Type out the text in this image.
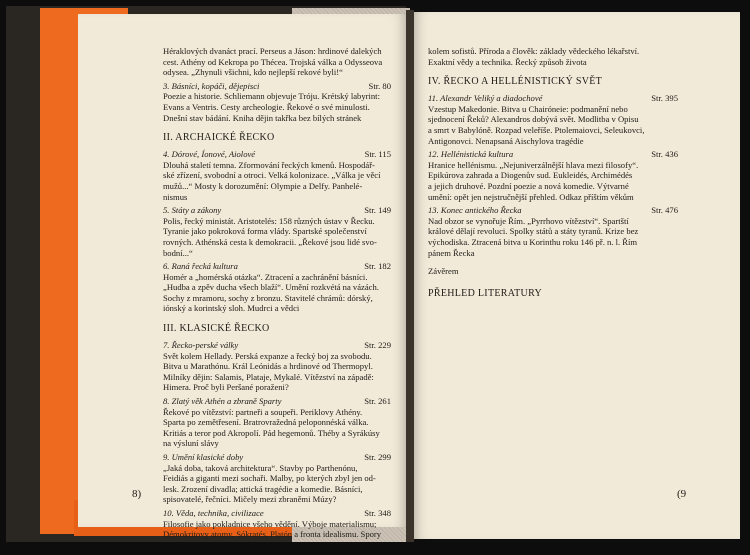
Héraklových dvanáct prací. Perseus a Jáson: hrdinové dalekých
cest. Athény od Kekropa po Théсea. Trojská válka a Odysseova
odysea. „Zhynuli všichni, kdo nejlepší rekové byli!“
3. Básníci, kopáči, dějepisci	Str. 80
Poezie a historie. Schliemann objevuje Tróju. Krétský labyrint:
Evans a Ventris. Cesty archeologie. Řekové o své minulosti.
Dnešní stav bádání. Kniha dějin takřka bez bílých stránek
II. ARCHAICKÉ ŘECKO
4. Dórové, Íonové, Aiolové	Str. 115
Dlouhá staletí temna. Zformování řeckých kmenů. Hospodář-
ské zřízení, svobodní a otroci. Velká kolonizace. „Válka je věcí
mužů...“ Mosty k dorozumění: Olympie a Delfy. Panhelé-
nismus
5. Státy a zákony	Str. 149
Polis, řecký ministát. Aristotelés: 158 různých ústav v Řecku.
Tyranie jako pokroková forma vlády. Spartské společenství
rovných. Athénská cesta k demokracii. „Řekové jsou lidé svo-
bodní...“
6. Raná řecká kultura	Str. 182
Homér a „homérská otázka“. Ztracení a zachránění básníci.
„Hudba a zpěv ducha všech blaží“. Umění rozkvétá na vázách.
Sochy z mramoru, sochy z bronzu. Stavitelé chrámů: dórský,
iónský a korintský sloh. Mudrci a vědci
III. KLASICKÉ ŘECKO
7. Řecko-perské války	Str. 229
Svět kolem Hellady. Perská expanze a řecký boj za svobodu.
Bitva u Marathónu. Král Leónidás a hrdinové od Thermopyl.
Milníky dějin: Salamis, Plataje, Mykalé. Vítězství na západě:
Himera. Proč byli Peršané poraženi?
8. Zlatý věk Athén a zbraně Sparty	Str. 261
Řekové po vítězství: partneři a soupeři. Periklovy Athény.
Sparta po zemětřesení. Bratrovražedná peloponnéská válka.
Kritiás a teror pod Akropolí. Pád hegemonů. Théby a Syrákúsy
na výsluní slávy
9. Umění klasické doby	Str. 299
„Jaká doba, taková architektura“. Stavby po Parthenónu,
Feidiás a giganti mezi sochaři. Malby, po kterých zbyl jen od-
lesk. Zrození divadla; attická tragédie a komedie. Básníci,
spisovatelé, řečníci. Mičely mezi zbraněmi Múzy?
10. Věda, technika, civilizace	Str. 348
Filosofie jako pokladnice všeho vědění. Výboje materialismu;
Démokritovy atomy. Sókratés, Platón a fronta idealismu. Spory
kolem sofistů. Příroda a člověk: základy vědeckého lékařství.
Exaktní vědy a technika. Řecký způsob života
IV. ŘECKO A HELLÉNISTICKÝ SVĚT
11. Alexandr Veliký a diadochové	Str. 395
Vzestup Makedonie. Bitva u Chairóneie: podmanění nebo
sjednocení Řeků? Alexandros dobývá svět. Modlitba v Opisu
a smrt v Babylóně. Rozpad velеříše. Ptolemaiovci, Seleukovci,
Antigonovci. Nenapsaná Aischylova tragédie
12. Hellénistická kultura	Str. 436
Hranice hellénismu. „Nejuniverzálnější hlava mezi filosofy“.
Epikúrova zahrada a Diogenův sud. Eukleidés, Archimédés
a jejich druhové. Pozdní poezie a nová komedie. Výtvarné
umění: opět jen nejstručnější přehled. Odkaz příštím věkům
13. Konec antického Řecka	Str. 476
Nad obzor se vynořuje Řím. „Pyrrhovo vítězství“. Spartští
králové dělají revoluci. Spolky států a státy tyranů. Krize bez
východiska. Ztracená bitva u Korinthu roku 146 př. n. l. Řím
pánem Řecka
Závěrem
PŘEHLED LITERATURY
8)	(9
